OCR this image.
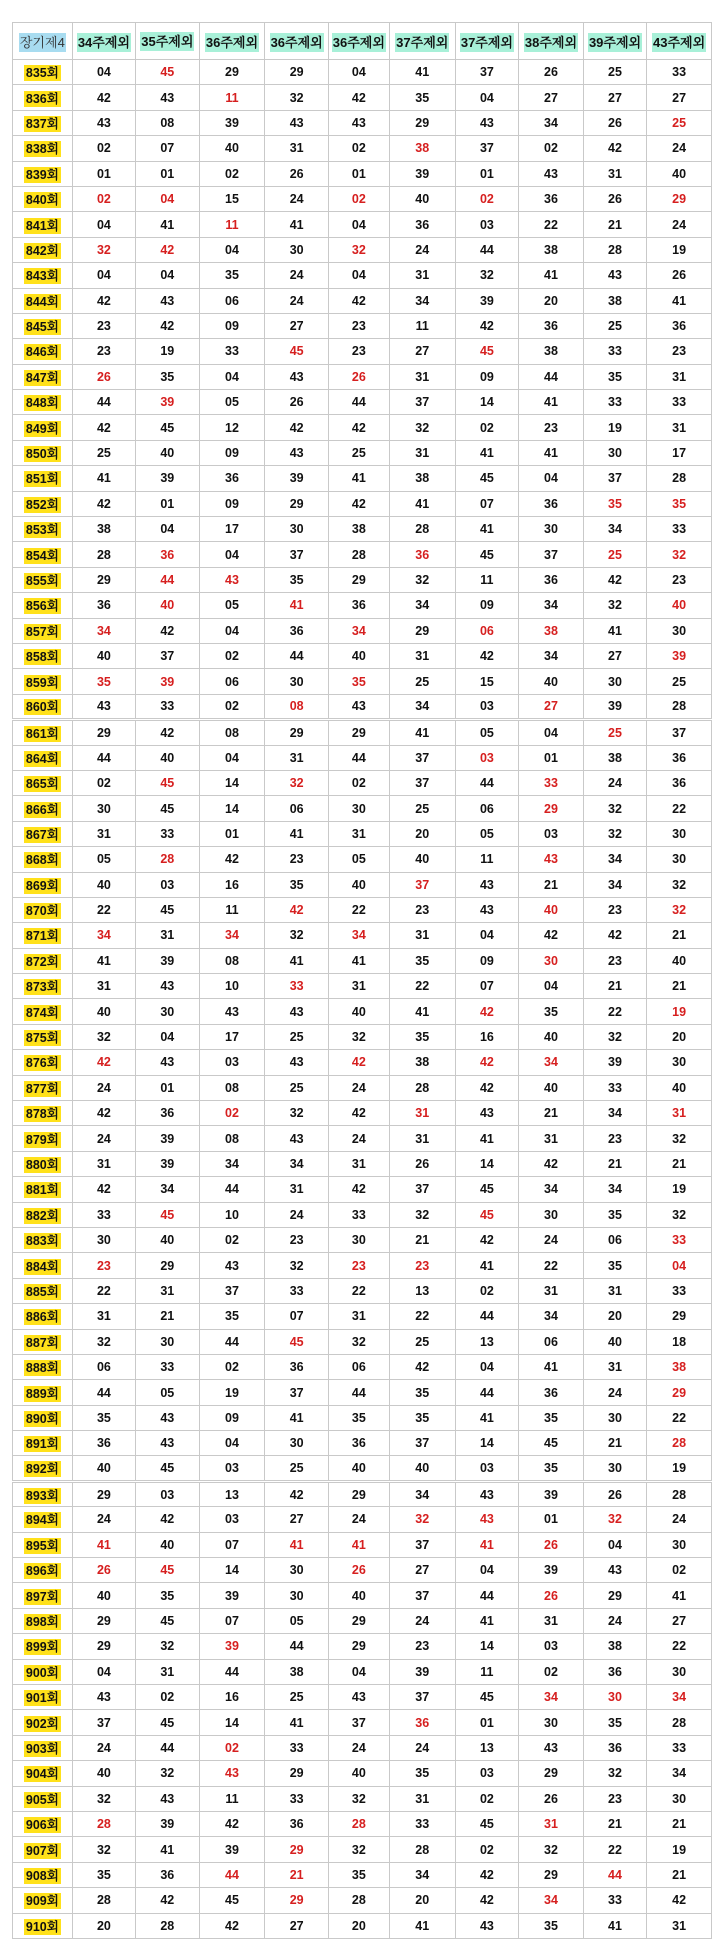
장기제4	34주제외	35주제외	36주제외	36주제외	36주제외	37주제외	37주제외	38주제외	39주제외	43주제외
835회	04	45	29	29	04	41	37	26	25	33
836회	42	43	11	32	42	35	04	27	27	27
837회	43	08	39	43	43	29	43	34	26	25
838회	02	07	40	31	02	38	37	02	42	24
839회	01	01	02	26	01	39	01	43	31	40
840회	02	04	15	24	02	40	02	36	26	29
841회	04	41	11	41	04	36	03	22	21	24
842회	32	42	04	30	32	24	44	38	28	19
843회	04	04	35	24	04	31	32	41	43	26
844회	42	43	06	24	42	34	39	20	38	41
845회	23	42	09	27	23	11	42	36	25	36
846회	23	19	33	45	23	27	45	38	33	23
847회	26	35	04	43	26	31	09	44	35	31
848회	44	39	05	26	44	37	14	41	33	33
849회	42	45	12	42	42	32	02	23	19	31
850회	25	40	09	43	25	31	41	41	30	17
851회	41	39	36	39	41	38	45	04	37	28
852회	42	01	09	29	42	41	07	36	35	35
853회	38	04	17	30	38	28	41	30	34	33
854회	28	36	04	37	28	36	45	37	25	32
855회	29	44	43	35	29	32	11	36	42	23
856회	36	40	05	41	36	34	09	34	32	40
857회	34	42	04	36	34	29	06	38	41	30
858회	40	37	02	44	40	31	42	34	27	39
859회	35	39	06	30	35	25	15	40	30	25
860회	43	33	02	08	43	34	03	27	39	28
861회	29	42	08	29	29	41	05	04	25	37
864회	44	40	04	31	44	37	03	01	38	36
865회	02	45	14	32	02	37	44	33	24	36
866회	30	45	14	06	30	25	06	29	32	22
867회	31	33	01	41	31	20	05	03	32	30
868회	05	28	42	23	05	40	11	43	34	30
869회	40	03	16	35	40	37	43	21	34	32
870회	22	45	11	42	22	23	43	40	23	32
871회	34	31	34	32	34	31	04	42	42	21
872회	41	39	08	41	41	35	09	30	23	40
873회	31	43	10	33	31	22	07	04	21	21
874회	40	30	43	43	40	41	42	35	22	19
875회	32	04	17	25	32	35	16	40	32	20
876회	42	43	03	43	42	38	42	34	39	30
877회	24	01	08	25	24	28	42	40	33	40
878회	42	36	02	32	42	31	43	21	34	31
879회	24	39	08	43	24	31	41	31	23	32
880회	31	39	34	34	31	26	14	42	21	21
881회	42	34	44	31	42	37	45	34	34	19
882회	33	45	10	24	33	32	45	30	35	32
883회	30	40	02	23	30	21	42	24	06	33
884회	23	29	43	32	23	23	41	22	35	04
885회	22	31	37	33	22	13	02	31	31	33
886회	31	21	35	07	31	22	44	34	20	29
887회	32	30	44	45	32	25	13	06	40	18
888회	06	33	02	36	06	42	04	41	31	38
889회	44	05	19	37	44	35	44	36	24	29
890회	35	43	09	41	35	35	41	35	30	22
891회	36	43	04	30	36	37	14	45	21	28
892회	40	45	03	25	40	40	03	35	30	19
893회	29	03	13	42	29	34	43	39	26	28
894회	24	42	03	27	24	32	43	01	32	24
895회	41	40	07	41	41	37	41	26	04	30
896회	26	45	14	30	26	27	04	39	43	02
897회	40	35	39	30	40	37	44	26	29	41
898회	29	45	07	05	29	24	41	31	24	27
899회	29	32	39	44	29	23	14	03	38	22
900회	04	31	44	38	04	39	11	02	36	30
901회	43	02	16	25	43	37	45	34	30	34
902회	37	45	14	41	37	36	01	30	35	28
903회	24	44	02	33	24	24	13	43	36	33
904회	40	32	43	29	40	35	03	29	32	34
905회	32	43	11	33	32	31	02	26	23	30
906회	28	39	42	36	28	33	45	31	21	21
907회	32	41	39	29	32	28	02	32	22	19
908회	35	36	44	21	35	34	42	29	44	21
909회	28	42	45	29	28	20	42	34	33	42
910회	20	28	42	27	20	41	43	35	41	31
